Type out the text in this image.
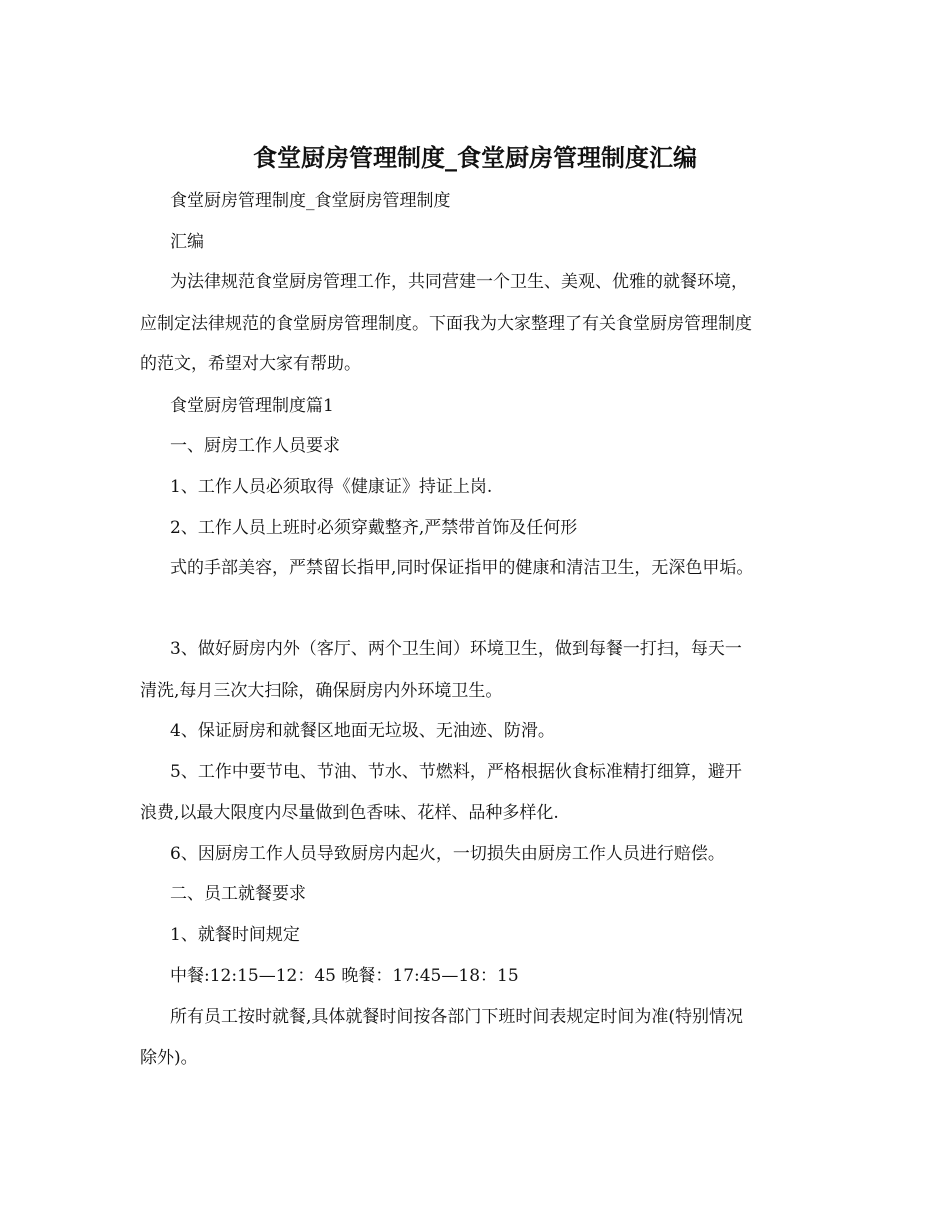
食堂厨房管理制度_食堂厨房管理制度汇编
食堂厨房管理制度_食堂厨房管理制度
汇编
为法律规范食堂厨房管理工作，共同营建一个卫生、美观、优雅的就餐环境，
应制定法律规范的食堂厨房管理制度。下面我为大家整理了有关食堂厨房管理制度
的范文，希望对大家有帮助。
食堂厨房管理制度篇1
一、厨房工作人员要求
1、工作人员必须取得《健康证》持证上岗.
2、工作人员上班时必须穿戴整齐,严禁带首饰及任何形
式的手部美容，严禁留长指甲,同时保证指甲的健康和清洁卫生，无深色甲垢。
3、做好厨房内外（客厅、两个卫生间）环境卫生，做到每餐一打扫，每天一
清洗,每月三次大扫除，确保厨房内外环境卫生。
4、保证厨房和就餐区地面无垃圾、无油迹、防滑。
5、工作中要节电、节油、节水、节燃料，严格根据伙食标准精打细算，避开
浪费,以最大限度内尽量做到色香味、花样、品种多样化.
6、因厨房工作人员导致厨房内起火，一切损失由厨房工作人员进行赔偿。
二、员工就餐要求
1、就餐时间规定
中餐:12:15—12：45 晚餐：17:45—18：15
所有员工按时就餐,具体就餐时间按各部门下班时间表规定时间为准(特别情况
除外)。
